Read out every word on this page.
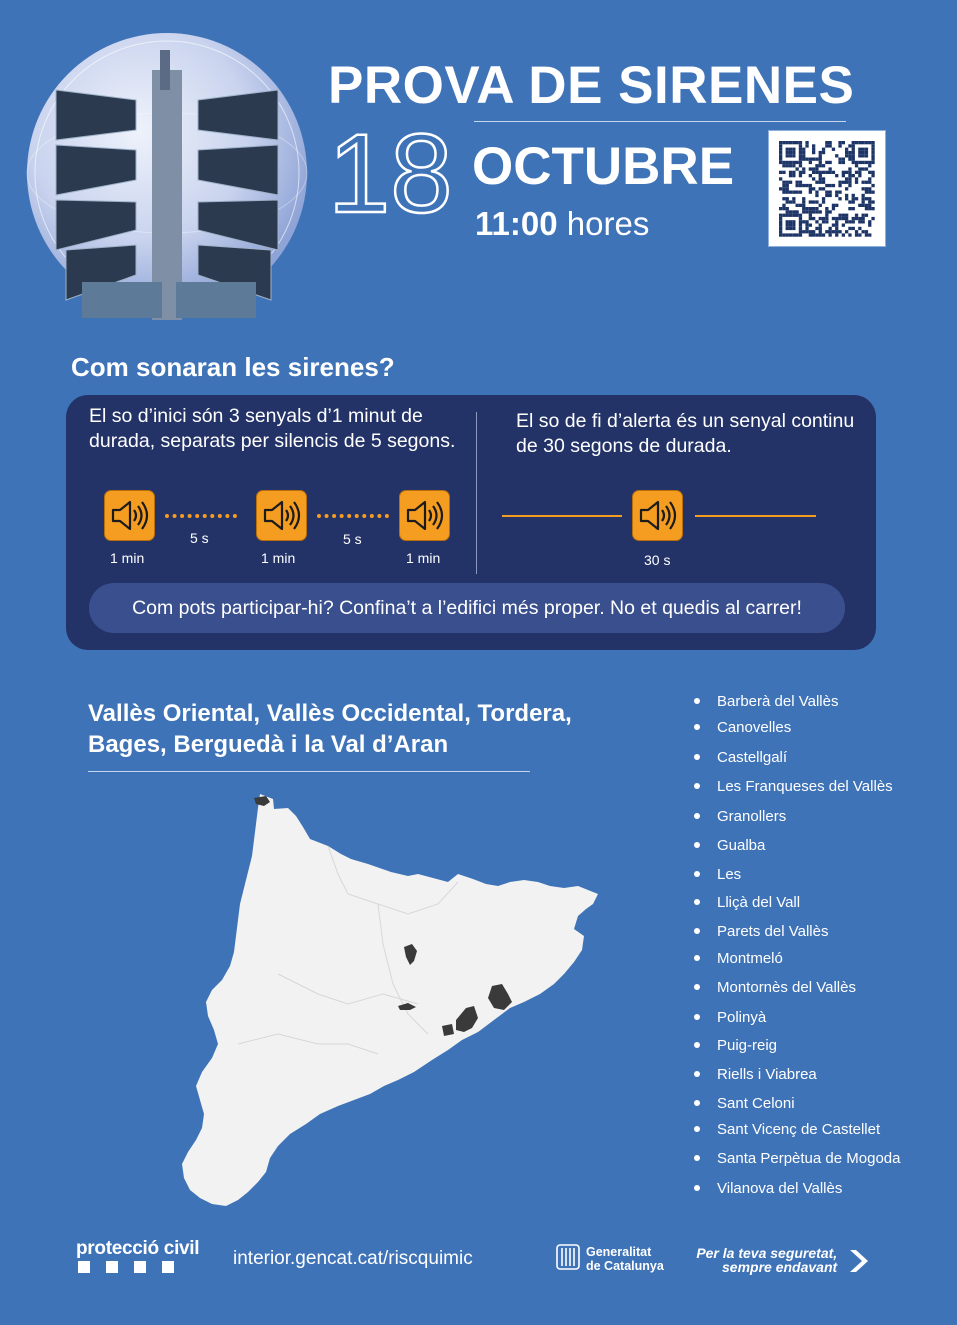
PROVA DE SIRENES
18 OCTUBRE
11:00 hores
Com sonaran les sirenes?
El so d’inici són 3 senyals d’1 minut de durada, separats per silencis de 5 segons.
El so de fi d’alerta és un senyal continu de 30 segons de durada.
1 min
5 s
1 min
5 s
1 min	30 s
Com pots participar-hi? Confina’t a l’edifici més proper. No et quedis al carrer!
Vallès Oriental, Vallès Occidental, Tordera, Bages, Berguedà i la Val d’Aran
Barberà del Vallès
Canovelles
Castellgalí
Les Franqueses del Vallès
Granollers
Gualba
Les
Lliçà del Vall
Parets del Vallès
Montmeló
Montornès del Vallès
Polinyà
Puig-reig
Riells i Viabrea
Sant Celoni
Sant Vicenç de Castellet
Santa Perpètua de Mogoda
Vilanova del Vallès
protecció civil interior.gencat.cat/riscquimic	Generalitat
de Catalunya
Per la teva seguretat,
sempre endavant
